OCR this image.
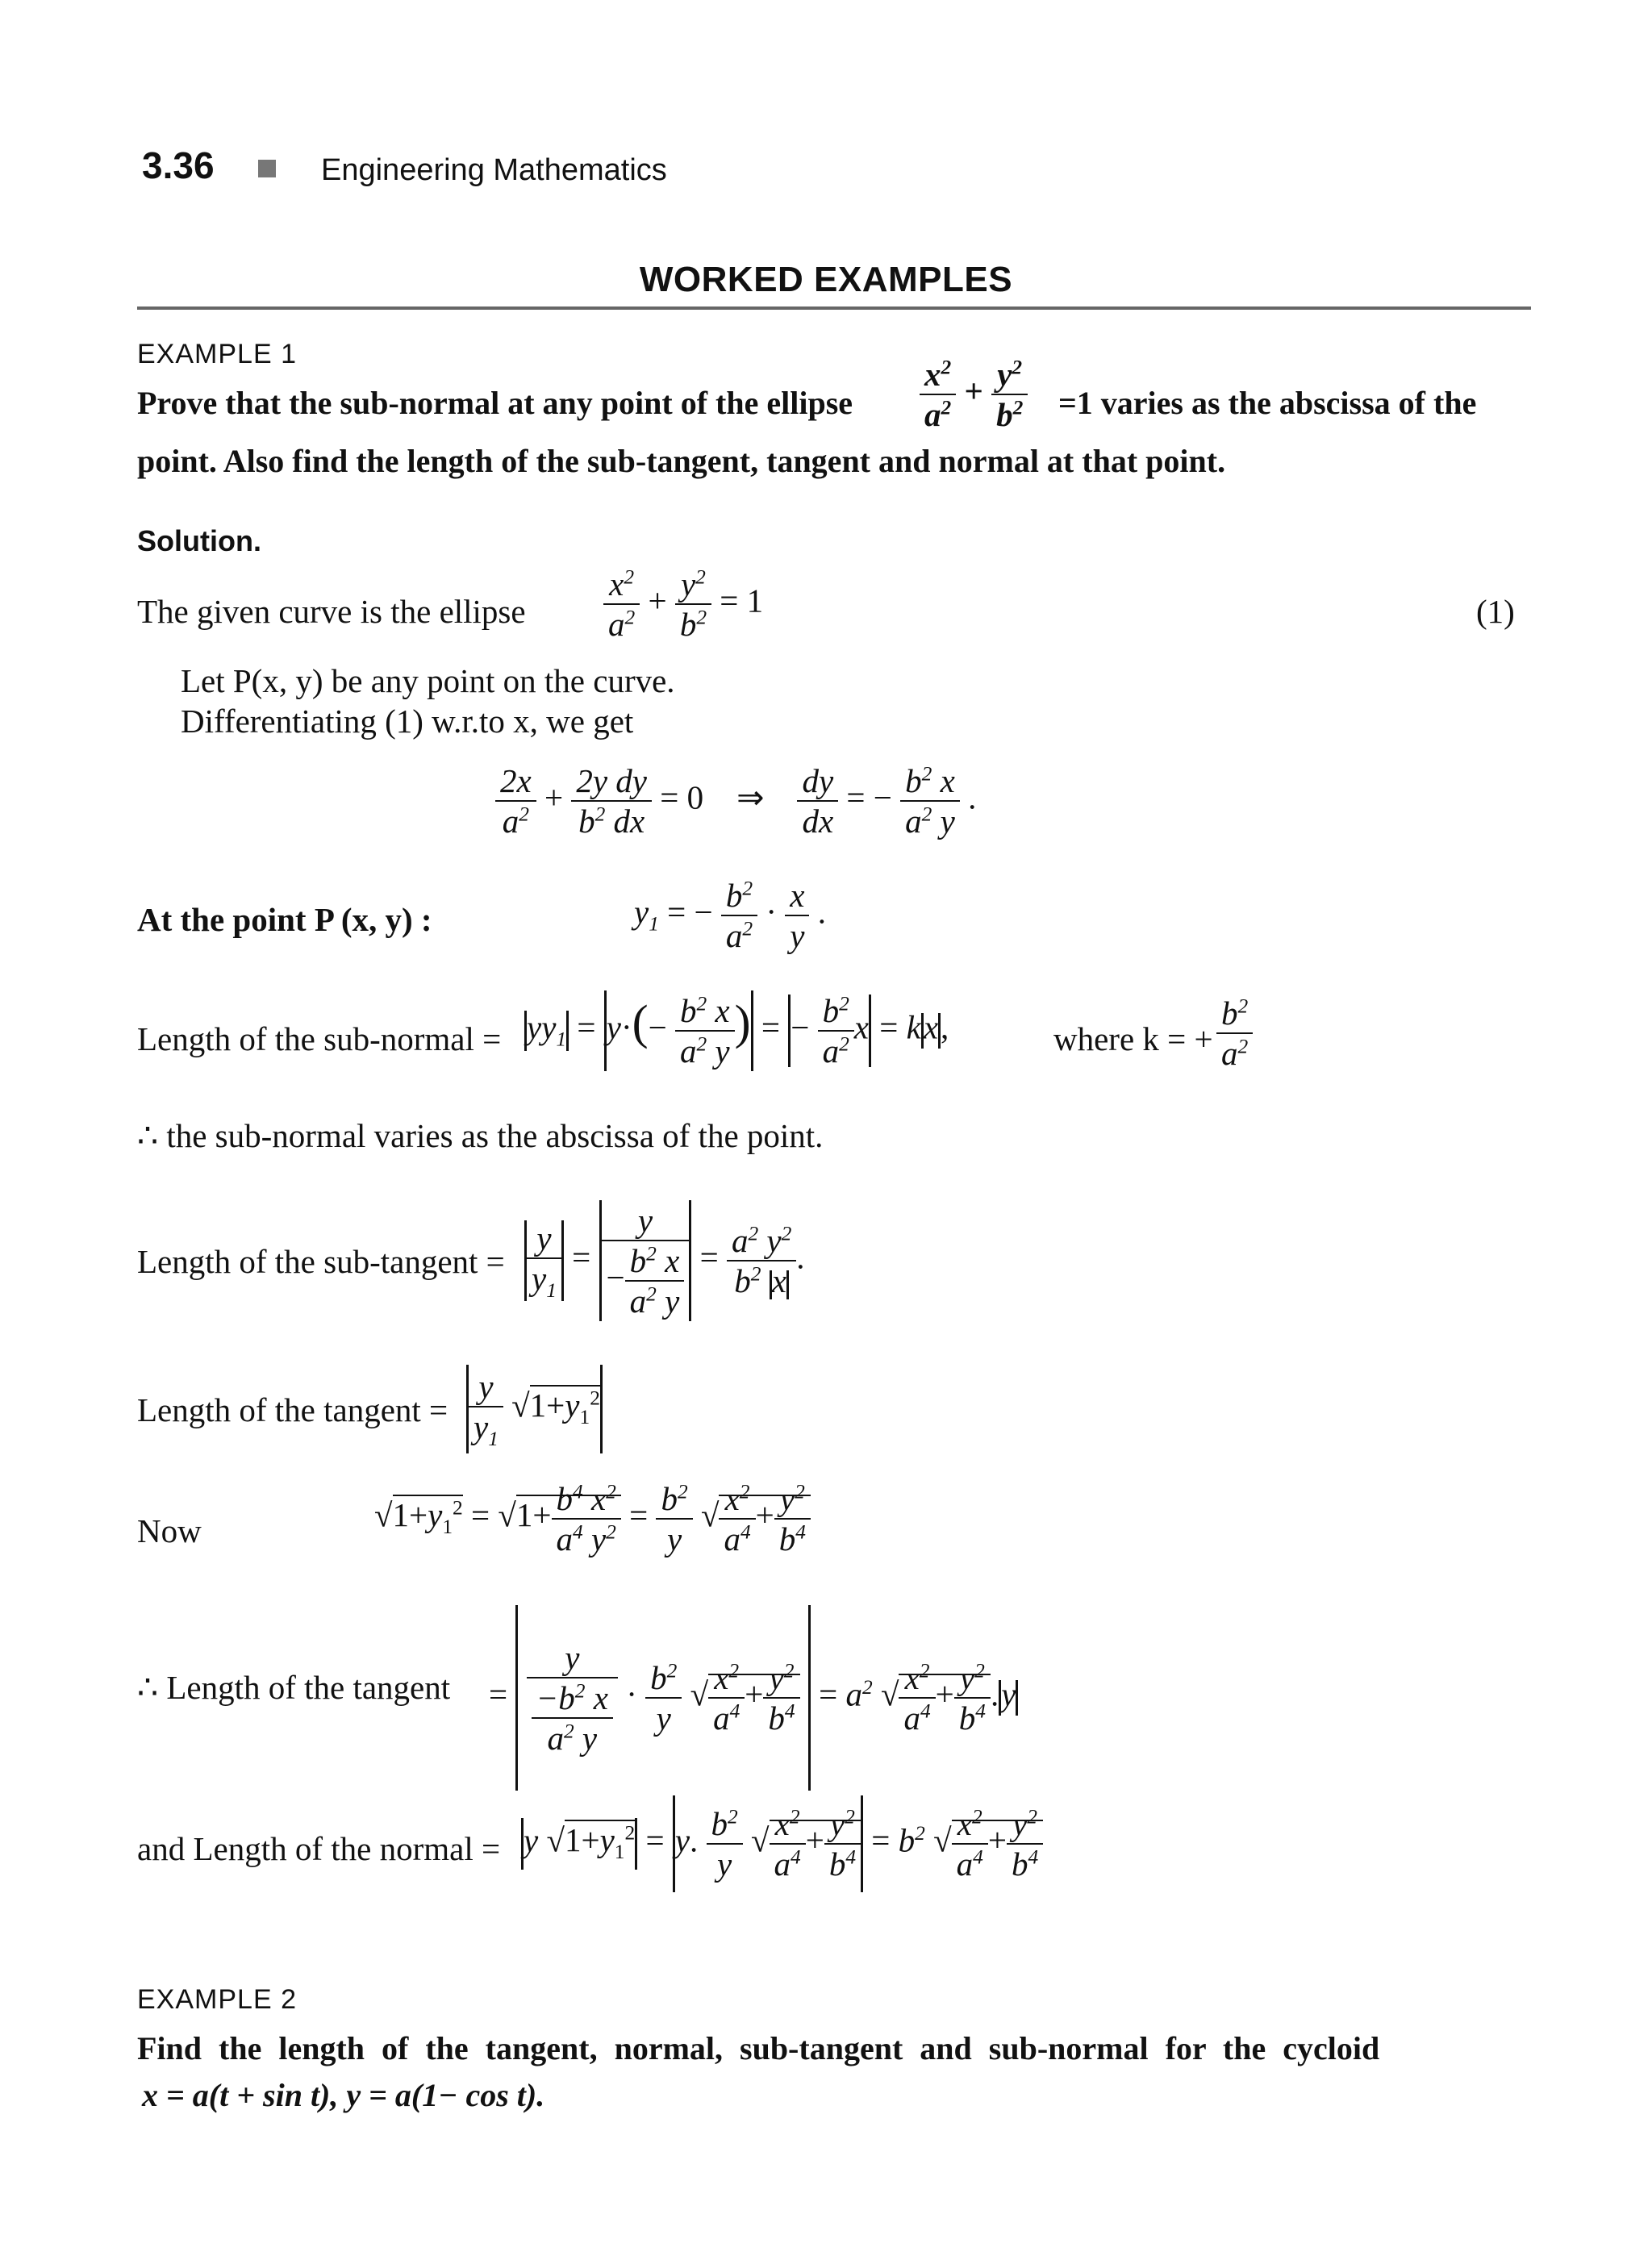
3.36	Engineering Mathematics
WORKED EXAMPLES
EXAMPLE 1
Prove that the sub-normal at any point of the ellipse $\frac{x^2}{a^2} + \frac{y^2}{b^2} =1$ varies as the abscissa of the
point. Also find the length of the sub-tangent, tangent and normal at that point.
Solution.
The given curve is the ellipse $\frac{x^2}{a^2} + \frac{y^2}{b^2} = 1$	(1)
Let P(x, y) be any point on the curve.
Differentiating (1) w.r.to x, we get
$\frac{2x}{a^2} + \frac{\text{2y dy}}{b^2 dx} = 0$    ⇒ $\frac{dy}{dx}$ = − $\frac{b^2 x}{a^2 y}$ .
At the point P (x, y) :	$y_1$ = − $\frac{b^2}{a^2} \cdot \frac{x}{y}$ .
Length of the sub-normal = $yy_1 = y\cdot(- \frac{b^2 x}{a^2 y}$ ) = − $\frac{b^2}{a^2}$ x = kx,	where k = + $\frac{b^2}{a^2}$
∴ the sub-normal varies as the abscissa of the point.
Length of the sub-tangent = $\frac{y}{y_1} = \frac{y}{- \frac{b^2 x}{a^2 y}} = \frac{a^2 y^2}{b^2 x}$ .
Length of the tangent = $\frac{y}{y_1} √1+y_1^2$
Now	$√1+y_1^2 = √1+ \frac{b^4 x^2}{a^4 y^2} = \frac{b^2}{y}$ √ $\frac{x^2}{a^4} + \frac{y^2}{b^4}$
∴ Length of the tangent = $\frac{y}{\frac{-b^2 x}{a^2 y}} \cdot \frac{b^2}{y}$ √ $\frac{x^2}{a^4} + \frac{y^2}{b^4} = a^2$ √ $\frac{x^2}{a^4} + \frac{y^2}{b^4} .y$
and Length of the normal = y $√1+y_1^2 = y$. $\frac{b^2}{y}$ √ $\frac{x^2}{a^4} + \frac{y^2}{b^4} = b^2$ √ $\frac{x^2}{a^4} + \frac{y^2}{b^4}$
EXAMPLE 2
Find the length of the tangent, normal, sub-tangent and sub-normal for the cycloid
x = a(t + sin t), y = a(1− cos t).
